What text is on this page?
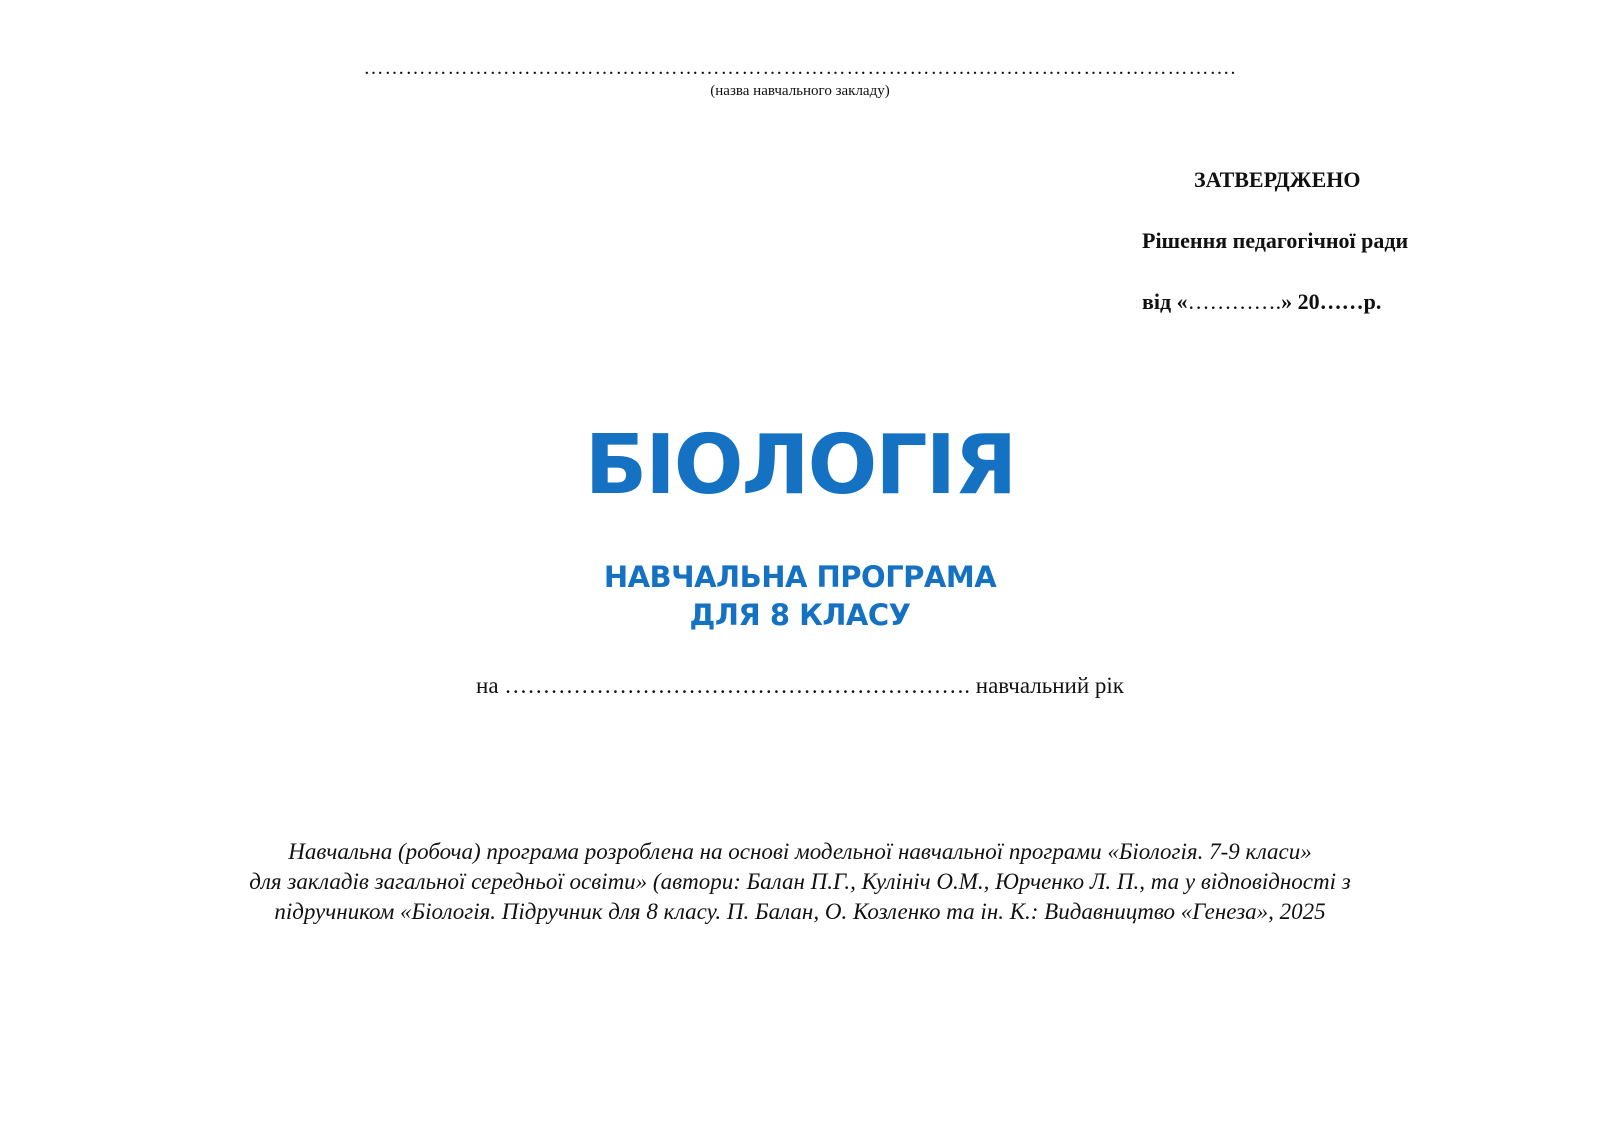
…………………………………………………………………………….……………………………….
(назва навчального закладу)
ЗАТВЕРДЖЕНО
Рішення педагогічної ради
від «………….» 20……р.
БІОЛОГІЯ
НАВЧАЛЬНА ПРОГРАМА
ДЛЯ 8 КЛАСУ
на ……………………………………………………. навчальний рік
Навчальна (робоча) програма розроблена на основі модельної навчальної програми «Біологія. 7-9 класи»
для закладів загальної середньої освіти» (автори: Балан П.Г., Кулініч О.М., Юрченко Л. П., та у відповідності з
підручником «Біологія. Підручник для 8 класу. П. Балан, О. Козленко та ін. К.: Видавництво «Генеза», 2025
